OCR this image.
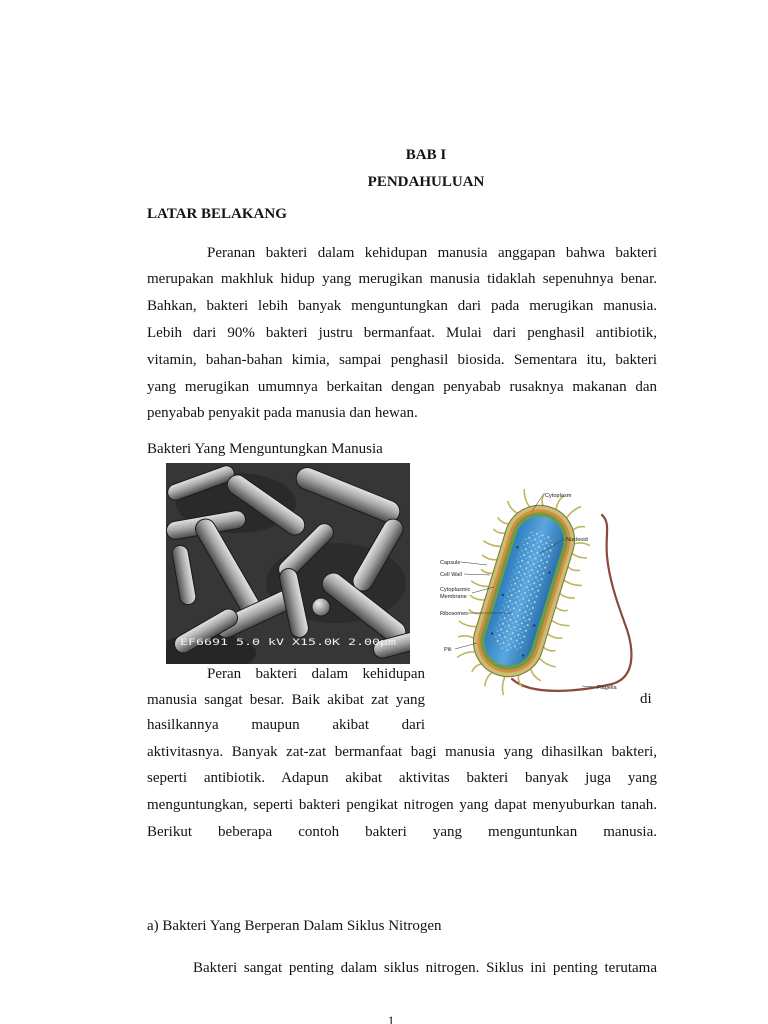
BAB I
PENDAHULUAN
LATAR BELAKANG
Peranan bakteri dalam kehidupan manusia anggapan bahwa bakteri
merupakan makhluk hidup yang merugikan manusia tidaklah sepenuhnya benar.
Bahkan, bakteri lebih banyak menguntungkan dari pada merugikan manusia.
Lebih dari 90% bakteri justru bermanfaat. Mulai dari penghasil antibiotik,
vitamin, bahan-bahan kimia, sampai penghasil biosida. Sementara itu, bakteri
yang merugikan umumnya berkaitan dengan penyabab rusaknya makanan dan
penyabab penyakit pada manusia dan hewan.
Bakteri Yang Menguntungkan Manusia
EF6691 5.0 kV X15.0K 2.00µm
Cytoplasm
Nucleoid
Capsule
Cell Wall
Cytoplasmic Membrane
Ribosomes
Pili
Flagella
Peran bakteri dalam kehidupan
manusia sangat besar. Baik akibat zat yang
hasilkannya maupun akibat dari
di
aktivitasnya. Banyak zat-zat bermanfaat bagi manusia yang dihasilkan bakteri,
seperti antibiotik. Adapun akibat aktivitas bakteri banyak juga yang
menguntungkan, seperti bakteri pengikat nitrogen yang dapat menyuburkan tanah.
Berikut beberapa contoh bakteri yang menguntunkan manusia.
a) Bakteri Yang Berperan Dalam Siklus Nitrogen
Bakteri sangat penting dalam siklus nitrogen. Siklus ini penting terutama
1
